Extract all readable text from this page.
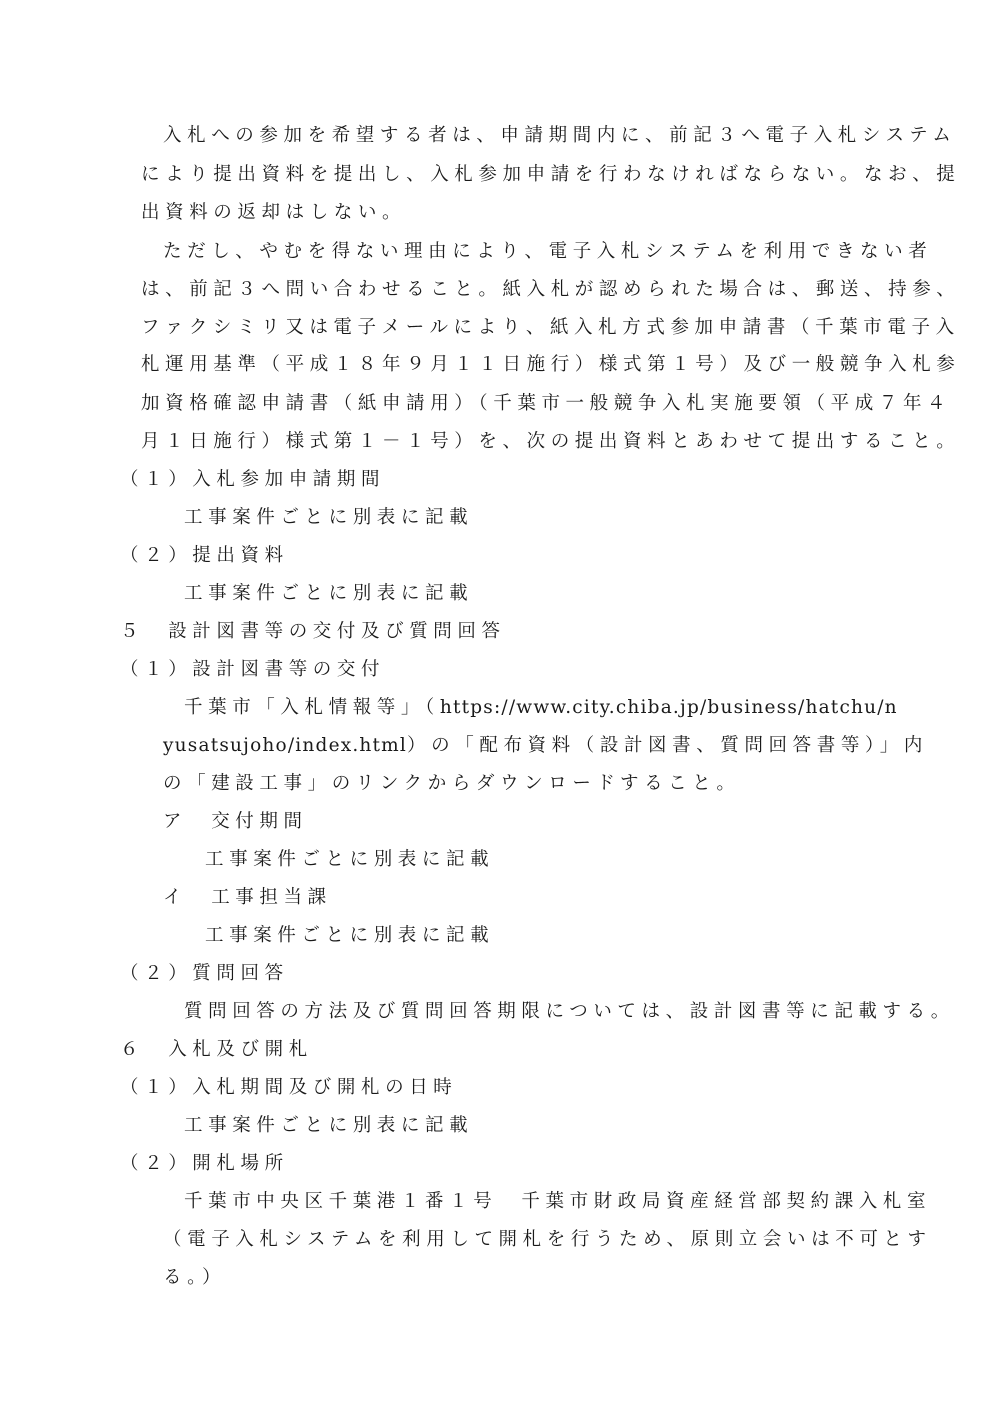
入札への参加を希望する者は、申請期間内に、前記３へ電子入札システム
により提出資料を提出し、入札参加申請を行わなければならない。なお、提
出資料の返却はしない。
ただし、やむを得ない理由により、電子入札システムを利用できない者
は、前記３へ問い合わせること。紙入札が認められた場合は、郵送、持参、
ファクシミリ又は電子メールにより、紙入札方式参加申請書（千葉市電子入
札運用基準（平成１８年９月１１日施行）様式第１号）及び一般競争入札参
加資格確認申請書（紙申請用）（千葉市一般競争入札実施要領（平成７年４
月１日施行）様式第１－１号）を、次の提出資料とあわせて提出すること。
（１）入札参加申請期間
工事案件ごとに別表に記載
（２）提出資料
工事案件ごとに別表に記載
５　設計図書等の交付及び質問回答
（１）設計図書等の交付
千葉市「入札情報等」（https://www.city.chiba.jp/business/hatchu/n
yusatsujoho/index.html）の「配布資料（設計図書、質問回答書等）」内
の「建設工事」のリンクからダウンロードすること。
ア　交付期間
工事案件ごとに別表に記載
イ　工事担当課
工事案件ごとに別表に記載
（２）質問回答
質問回答の方法及び質問回答期限については、設計図書等に記載する。
６　入札及び開札
（１）入札期間及び開札の日時
工事案件ごとに別表に記載
（２）開札場所
千葉市中央区千葉港１番１号　千葉市財政局資産経営部契約課入札室
（電子入札システムを利用して開札を行うため、原則立会いは不可とす
る。）
